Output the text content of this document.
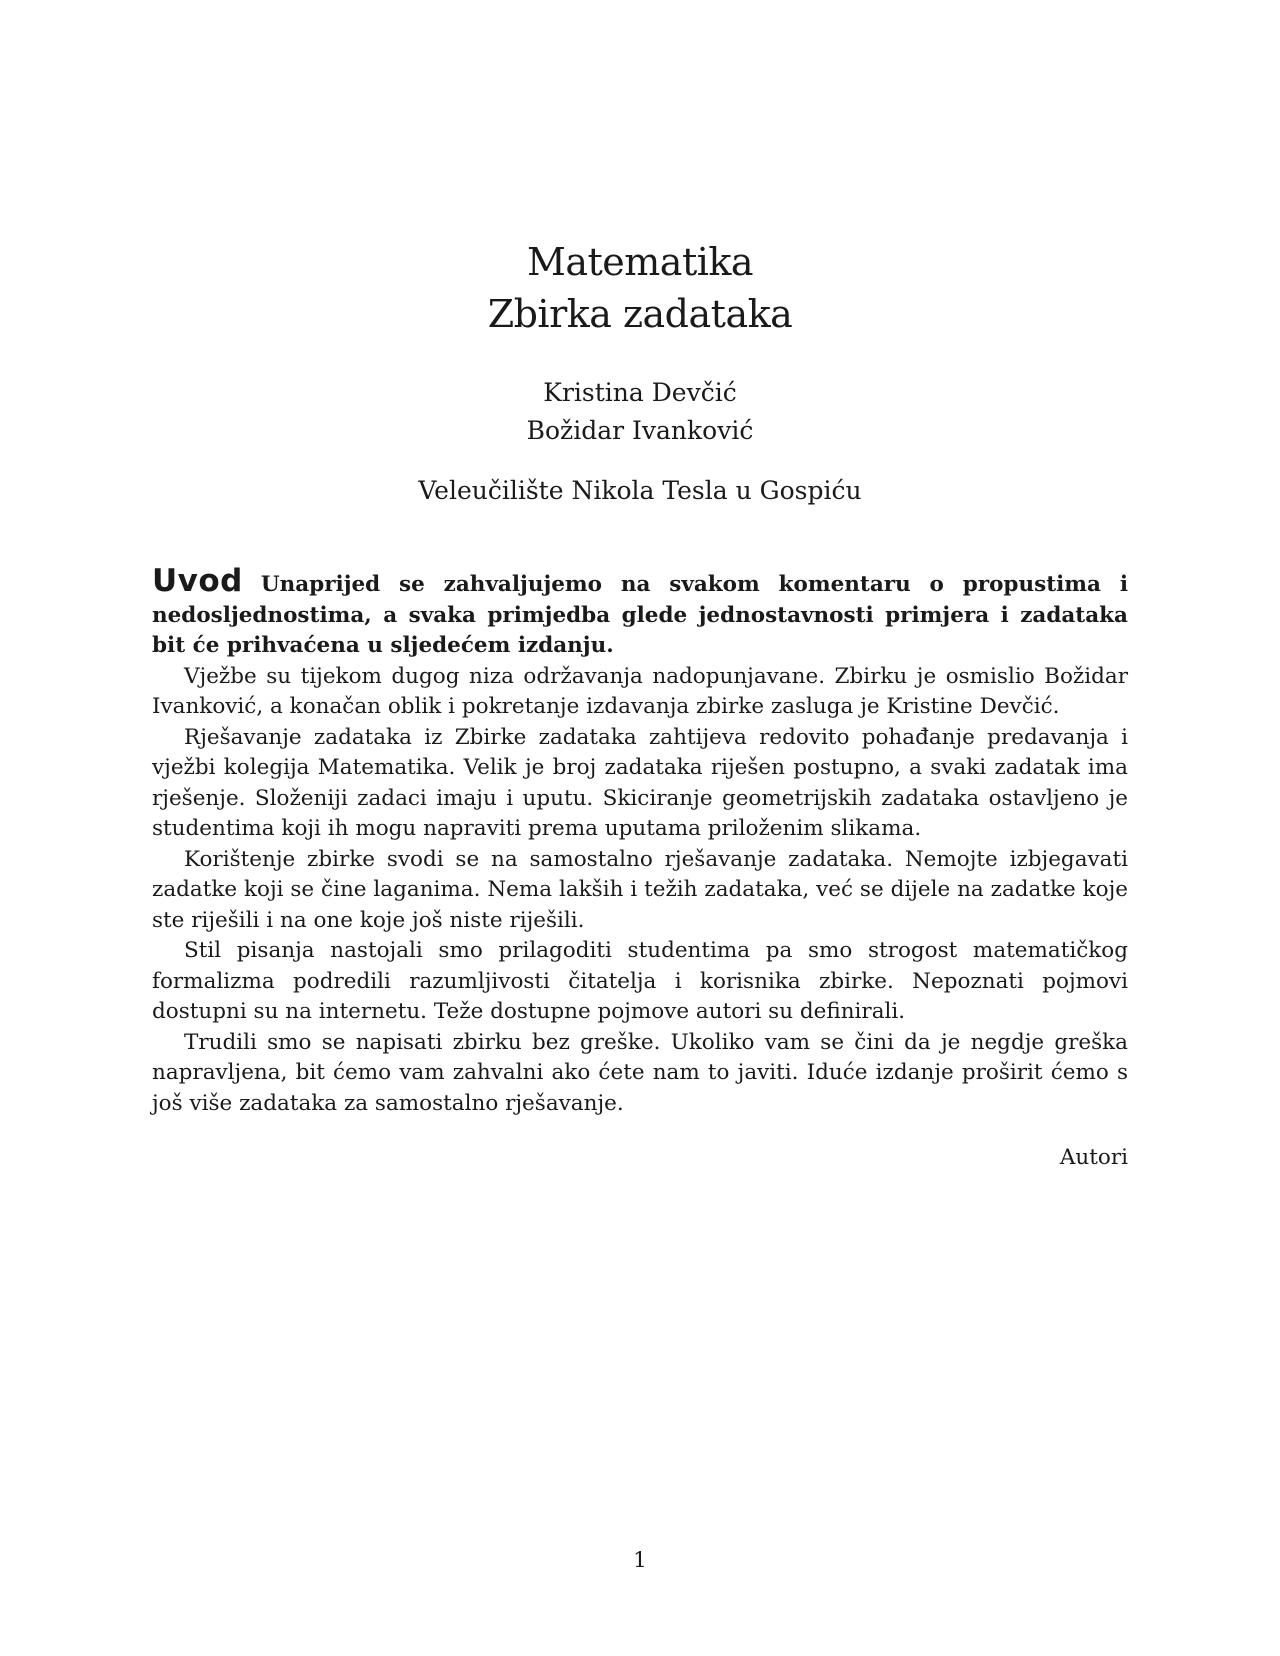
Matematika
Zbirka zadataka
Kristina Devčić
Božidar Ivanković
Veleučilište Nikola Tesla u Gospiću

Uvod Unaprijed se zahvaljujemo na svakom komentaru o propustima i nedosljednostima, a svaka primjedba glede jednostavnosti primjera i zadataka bit će prihvaćena u sljedećem izdanju.

Vježbe su tijekom dugog niza održavanja nadopunjavane. Zbirku je osmislio Božidar Ivanković, a konačan oblik i pokretanje izdavanja zbirke zasluga je Kristine Devčić.

Rješavanje zadataka iz Zbirke zadataka zahtijeva redovito pohađanje predavanja i vježbi kolegija Matematika. Velik je broj zadataka riješen postupno, a svaki zadatak ima rješenje. Složeniji zadaci imaju i uputu. Skiciranje geometrijskih zadataka ostavljeno je studentima koji ih mogu napraviti prema uputama priloženim slikama.

Korištenje zbirke svodi se na samostalno rješavanje zadataka. Nemojte izbjegavati zadatke koji se čine laganima. Nema lakših i težih zadataka, već se dijele na zadatke koje ste riješili i na one koje još niste riješili.

Stil pisanja nastojali smo prilagoditi studentima pa smo strogost matematičkog formalizma podredili razumljivosti čitatelja i korisnika zbirke. Nepoznati pojmovi dostupni su na internetu. Teže dostupne pojmove autori su definirali.

Trudili smo se napisati zbirku bez greške. Ukoliko vam se čini da je negdje greška napravljena, bit ćemo vam zahvalni ako ćete nam to javiti. Iduće izdanje proširit ćemo s još više zadataka za samostalno rješavanje.

Autori
1
